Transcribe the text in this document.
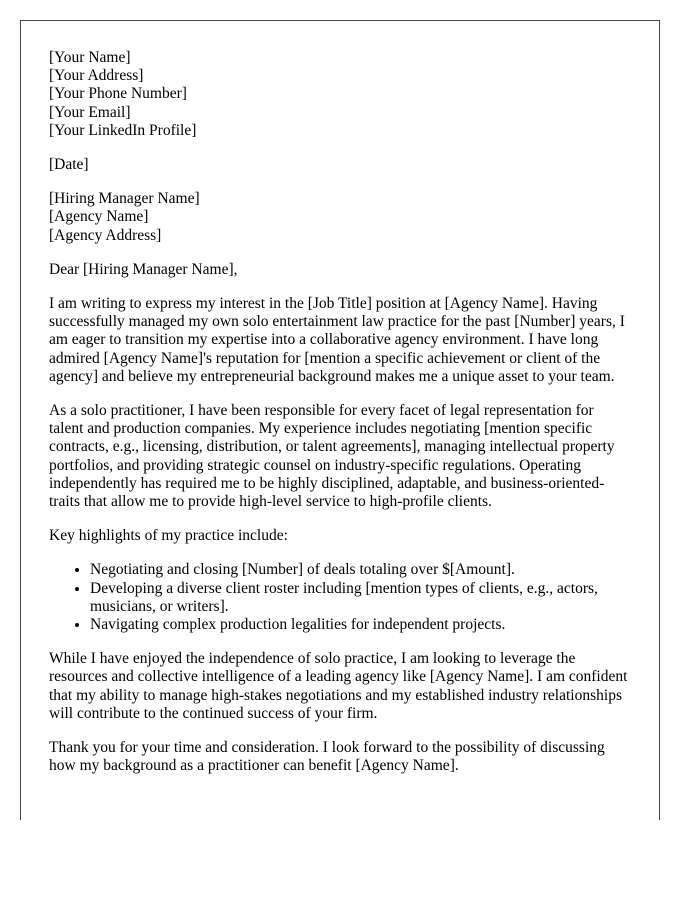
[Your Name]
[Your Address]
[Your Phone Number]
[Your Email]
[Your LinkedIn Profile]
[Date]
[Hiring Manager Name]
[Agency Name]
[Agency Address]

Dear [Hiring Manager Name],

I am writing to express my interest in the [Job Title] position at [Agency Name]. Having successfully managed my own solo entertainment law practice for the past [Number] years, I am eager to transition my expertise into a collaborative agency environment. I have long admired [Agency Name]'s reputation for [mention a specific achievement or client of the agency] and believe my entrepreneurial background makes me a unique asset to your team.

As a solo practitioner, I have been responsible for every facet of legal representation for talent and production companies. My experience includes negotiating [mention specific contracts, e.g., licensing, distribution, or talent agreements], managing intellectual property portfolios, and providing strategic counsel on industry-specific regulations. Operating independently has required me to be highly disciplined, adaptable, and business-oriented-traits that allow me to provide high-level service to high-profile clients.

Key highlights of my practice include:

• Negotiating and closing [Number] of deals totaling over $[Amount].
• Developing a diverse client roster including [mention types of clients, e.g., actors, musicians, or writers].
• Navigating complex production legalities for independent projects.

While I have enjoyed the independence of solo practice, I am looking to leverage the resources and collective intelligence of a leading agency like [Agency Name]. I am confident that my ability to manage high-stakes negotiations and my established industry relationships will contribute to the continued success of your firm.

Thank you for your time and consideration. I look forward to the possibility of discussing how my background as a practitioner can benefit [Agency Name].
